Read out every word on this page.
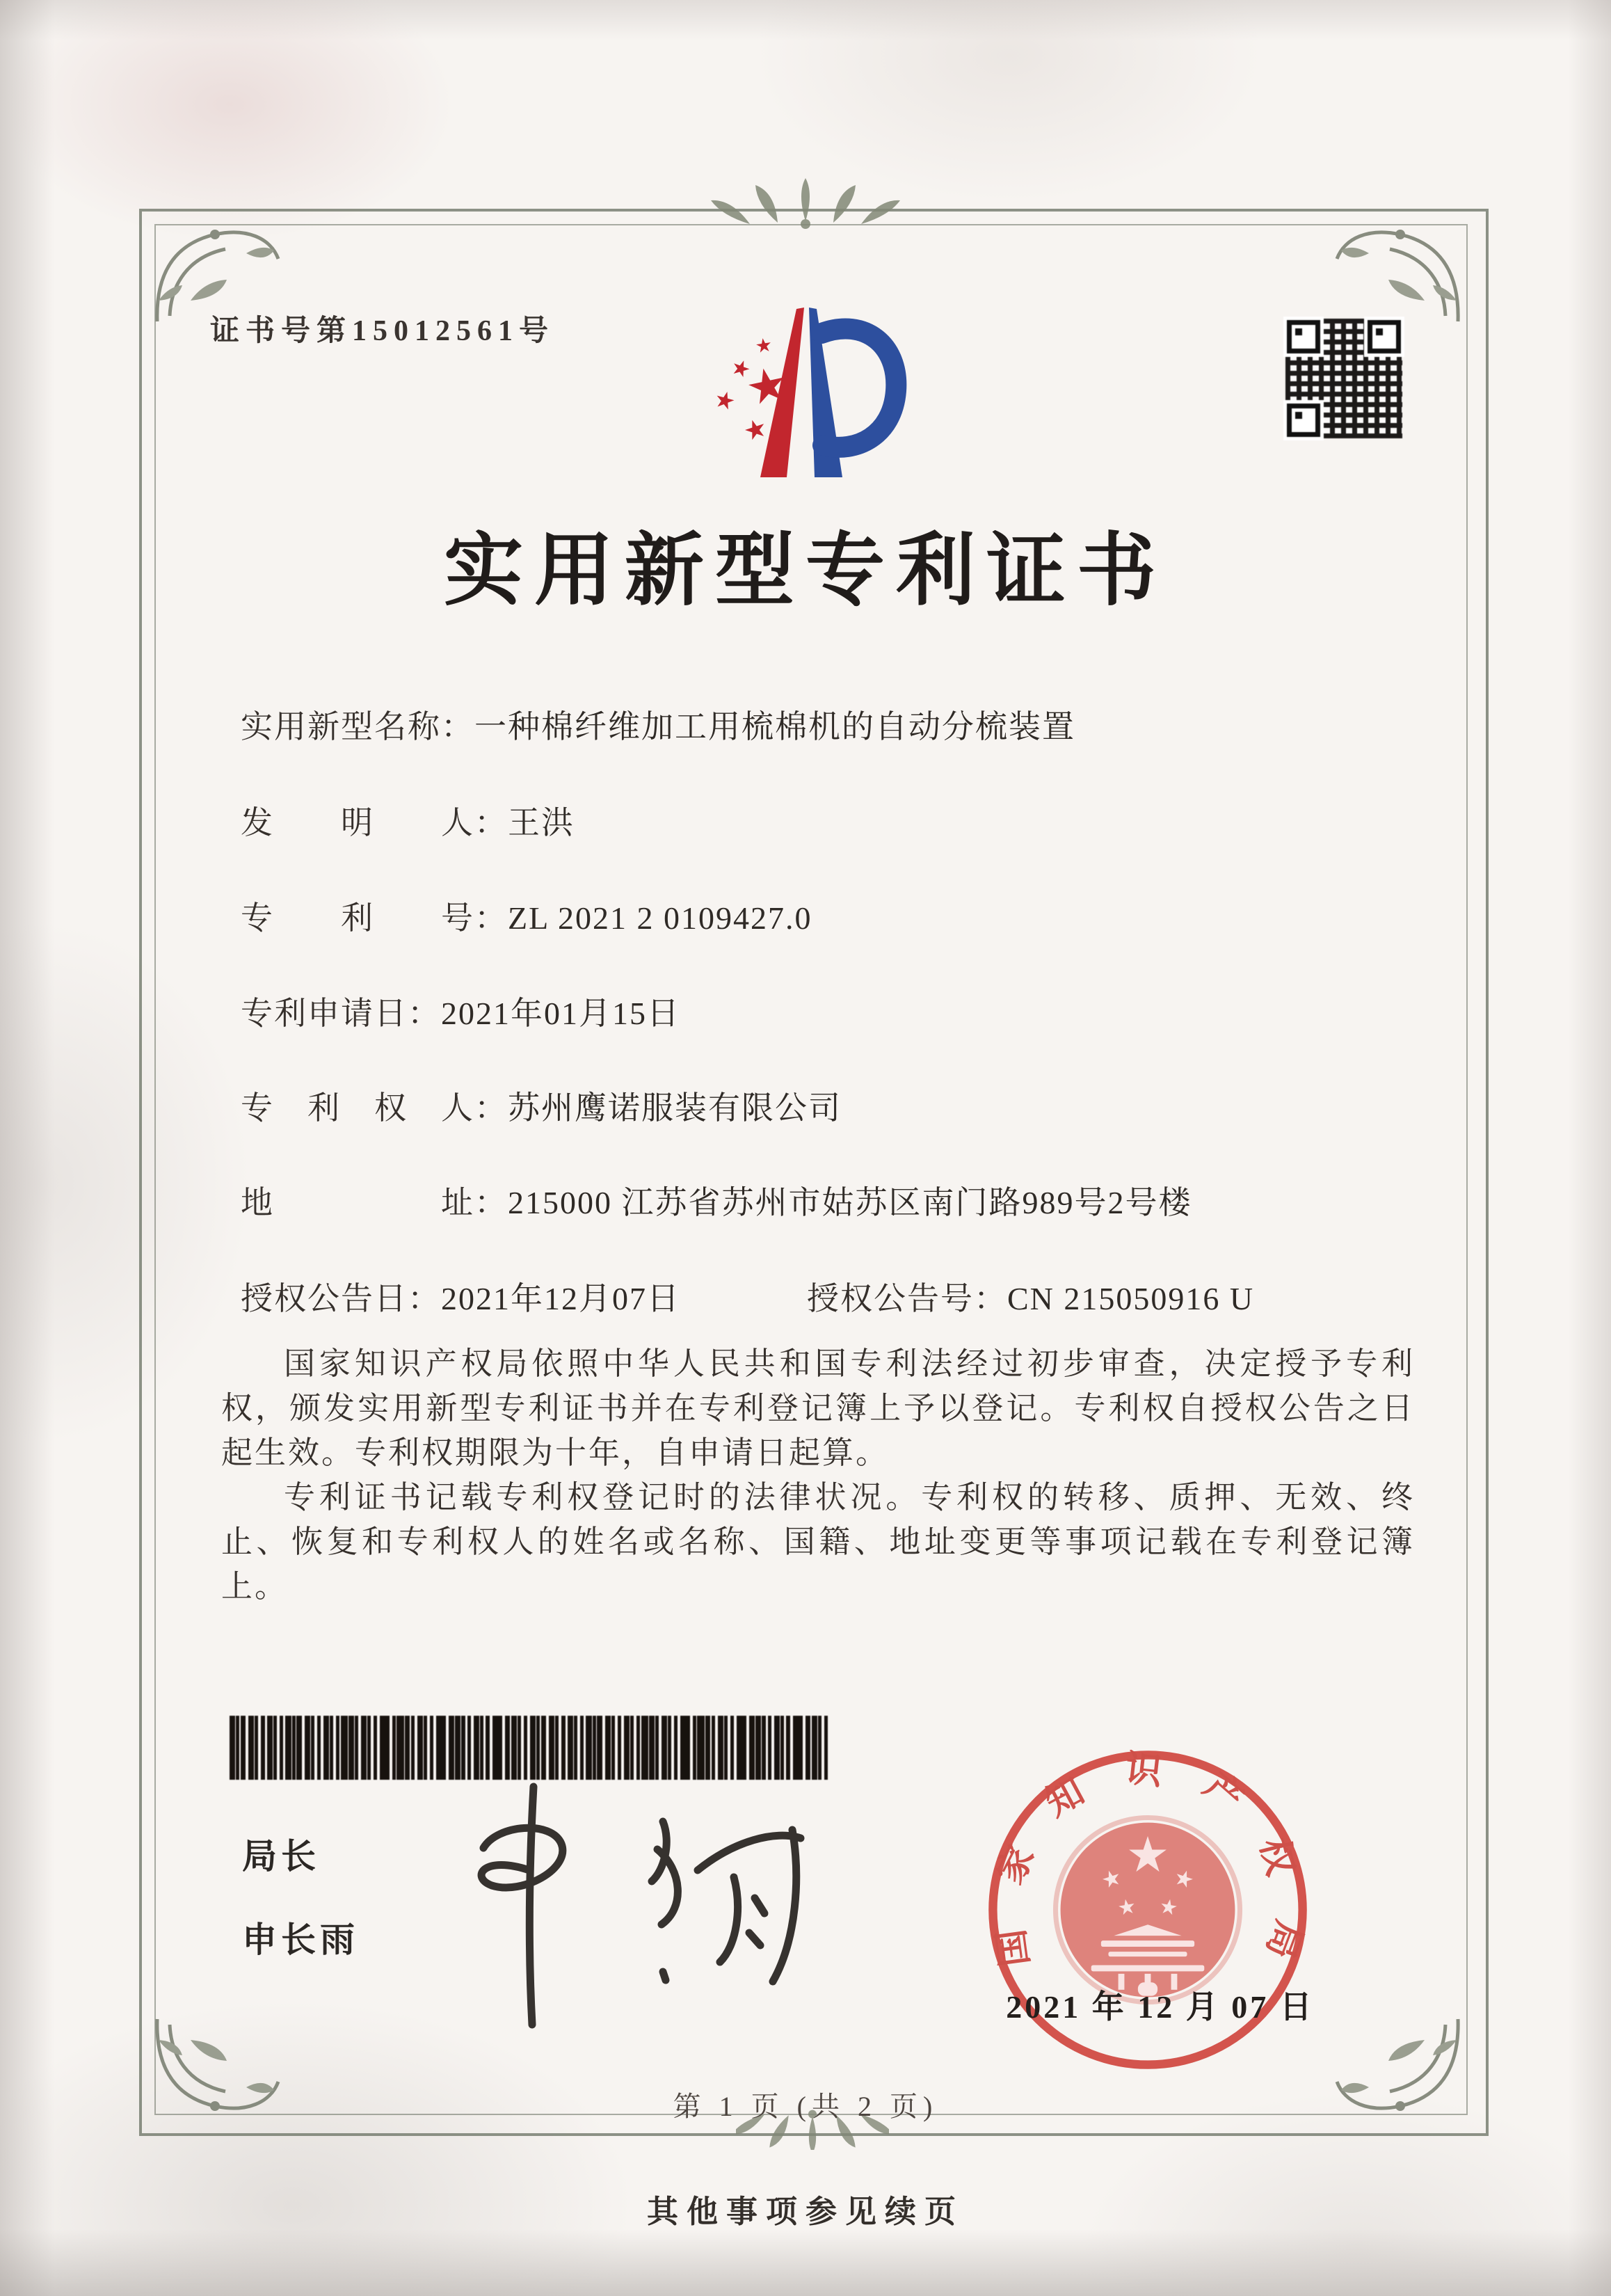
证书号第15012561号
实用新型专利证书
实用新型名称：一种棉纤维加工用梳棉机的自动分梳装置
发　　明　　人：王洪
专　　利　　号：ZL 2021 2 0109427.0
专利申请日：2021年01月15日
专　利　权　人：苏州鹰诺服装有限公司
地　　　　　址：215000 江苏省苏州市姑苏区南门路989号2号楼
授权公告日：2021年12月07日	授权公告号：CN 215050916 U

国家知识产权局依照中华人民共和国专利法经过初步审查，决定授予专利权，颁发实用新型专利证书并在专利登记簿上予以登记。专利权自授权公告之日起生效。专利权期限为十年，自申请日起算。

专利证书记载专利权登记时的法律状况。专利权的转移、质押、无效、终止、恢复和专利权人的姓名或名称、国籍、地址变更等事项记载在专利登记簿上。

局长
申长雨	国家知识产权局
2021 年 12 月 07 日
第 1 页 (共 2 页)
其他事项参见续页
